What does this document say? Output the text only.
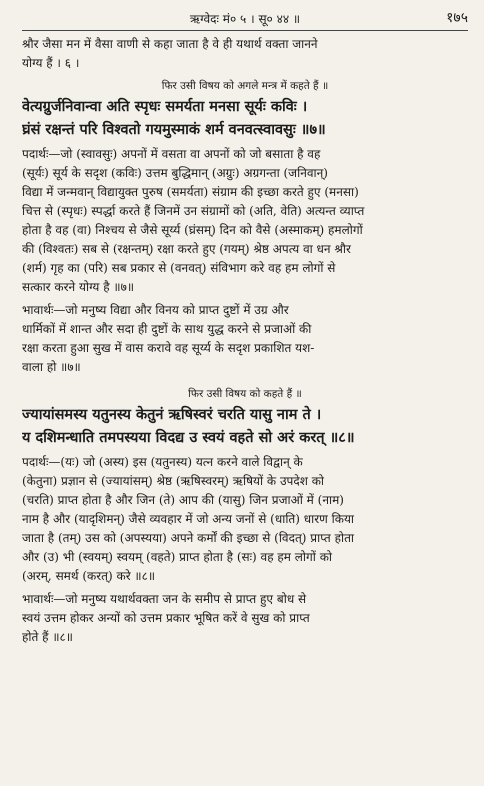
ऋग्वेदः मं० ५ । सू० ४४ ॥	१७५

श्रौर जैसा मन में वैसा वाणी से कहा जाता है वे ही यथार्थ वक्ता जानने

योग्य हैं । ६ ।

फिर उसी विषय को अगले मन्त्र में कहते हैं ॥

वेत्यग्रुर्जनिवान्वा अति स्पृधः समर्यता मनसा सूर्यः कविः ।

घ्रंसं रक्षन्तं परि विश्वतो गयमुस्माकं शर्म वनवत्स्वावसुः ॥७॥

पदार्थः—जो (स्वावसुः) अपनों में वसता वा अपनों को जो बसाता है वह

(सूर्यः) सूर्य के सदृश (कविः) उत्तम बुद्धिमान् (अग्रुः) अग्रगन्ता (जनिवान्)

विद्या में जन्मवान् विद्यायुक्त पुरुष (समर्यता) संग्राम की इच्छा करते हुए (मनसा)

चित्त से (स्पृधः) स्पर्द्धा करते हैं जिनमें उन संग्रामों को (अति, वेति) अत्यन्त व्याप्त

होता है वह (वा) निश्चय से जैसे सूर्य्य (घ्रंसम्) दिन को वैसे (अस्माकम्) हमलोगों

की (विश्वतः) सब से (रक्षन्तम्) रक्षा करते हुए (गयम्) श्रेष्ठ अपत्य वा धन श्रौर

(शर्म) गृह का (परि) सब प्रकार से (वनवत्) संविभाग करे वह हम लोगों से

सत्कार करने योग्य है ॥७॥

भावार्थः—जो मनुष्य विद्या और विनय को प्राप्त दुष्टों में उग्र और

धार्मिकों में शान्त और सदा ही दुष्टों के साथ युद्ध करने से प्रजाओं की

रक्षा करता हुआ सुख में वास करावे वह सूर्य्य के सदृश प्रकाशित यश-

वाला हो ॥७॥

फिर उसी विषय को कहते हैं ॥

ज्यायांसमस्य यतुनस्य केतुनं ऋषिस्वरं चरति यासु नाम ते ।

य दशिमन्धाति तमपस्यया विदद्य उ स्वयं वहते सो अरं करत् ॥८॥

पदार्थः—(यः) जो (अस्य) इस (यतुनस्य) यत्न करने वाले विद्वान् के

(केतुना) प्रज्ञान से (ज्यायांसम्) श्रेष्ठ (ऋषिस्वरम्) ऋषियों के उपदेश को

(चरति) प्राप्त होता है और जिन (ते) आप की (यासु) जिन प्रजाओं में (नाम)

नाम है और (यादृशिमन्) जैसे व्यवहार में जो अन्य जनों से (धाति) धारण किया

जाता है (तम्) उस को (अपस्यया) अपने कर्मों की इच्छा से (विदत्) प्राप्त होता

और (उ) भी (स्वयम्) स्वयम् (वहते) प्राप्त होता है (सः) वह हम लोगों को

(अरम्, समर्थ (करत्) करे ॥८॥

भावार्थः—जो मनुष्य यथार्थवक्ता जन के समीप से प्राप्त हुए बोध से

स्वयं उत्तम होकर अन्यों को उत्तम प्रकार भूषित करें वे सुख को प्राप्त

होते हैं ॥८॥
